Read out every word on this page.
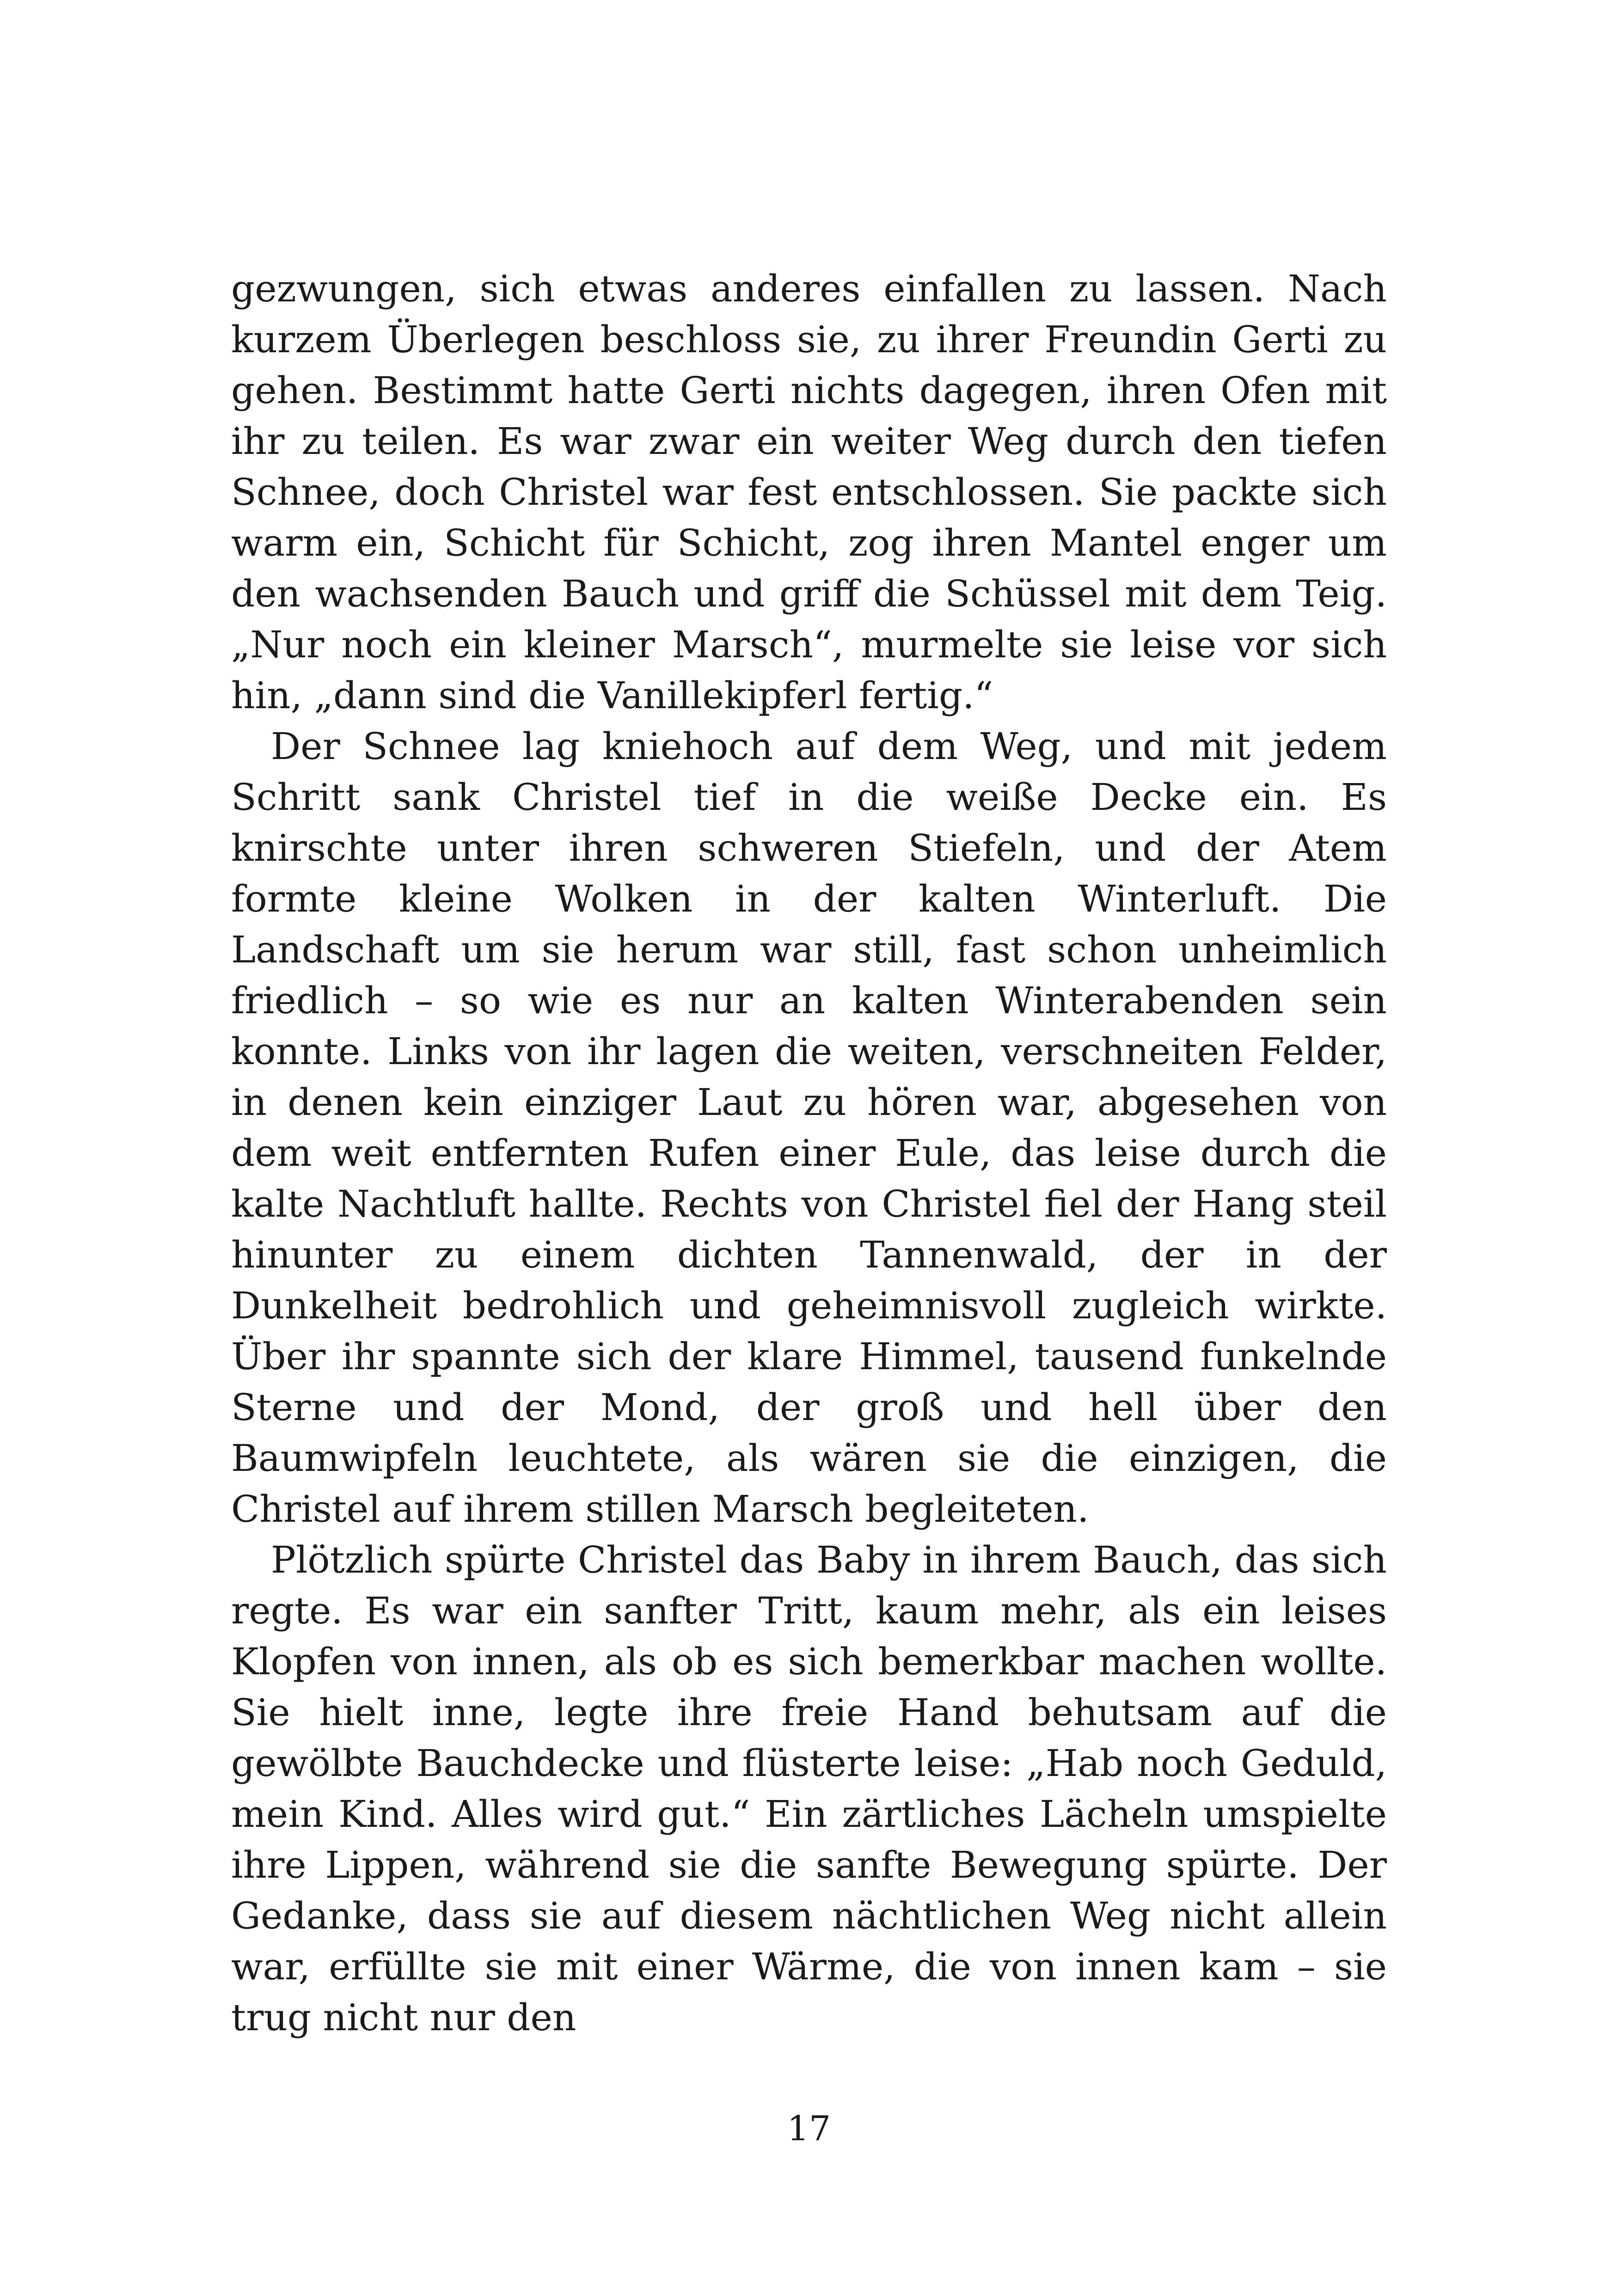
gezwungen, sich etwas anderes einfallen zu lassen. Nach kurzem Überlegen beschloss sie, zu ihrer Freundin Gerti zu gehen. Bestimmt hatte Gerti nichts dagegen, ihren Ofen mit ihr zu teilen. Es war zwar ein weiter Weg durch den tiefen Schnee, doch Christel war fest entschlossen. Sie packte sich warm ein, Schicht für Schicht, zog ihren Mantel enger um den wachsenden Bauch und griff die Schüssel mit dem Teig. „Nur noch ein kleiner Marsch“, murmelte sie leise vor sich hin, „dann sind die Vanillekipferl fertig.“

Der Schnee lag kniehoch auf dem Weg, und mit jedem Schritt sank Christel tief in die weiße Decke ein. Es knirschte unter ihren schweren Stiefeln, und der Atem formte kleine Wolken in der kalten Winterluft. Die Landschaft um sie herum war still, fast schon unheimlich friedlich – so wie es nur an kalten Winterabenden sein konnte. Links von ihr lagen die weiten, verschneiten Felder, in denen kein einziger Laut zu hören war, abgesehen von dem weit entfernten Rufen einer Eule, das leise durch die kalte Nachtluft hallte. Rechts von Christel fiel der Hang steil hinunter zu einem dichten Tannenwald, der in der Dunkelheit bedrohlich und geheimnisvoll zugleich wirkte. Über ihr spannte sich der klare Himmel, tausend funkelnde Sterne und der Mond, der groß und hell über den Baumwipfeln leuchtete, als wären sie die einzigen, die Christel auf ihrem stillen Marsch begleiteten.

Plötzlich spürte Christel das Baby in ihrem Bauch, das sich regte. Es war ein sanfter Tritt, kaum mehr, als ein leises Klopfen von innen, als ob es sich bemerkbar machen wollte. Sie hielt inne, legte ihre freie Hand behutsam auf die gewölbte Bauchdecke und flüsterte leise: „Hab noch Geduld, mein Kind. Alles wird gut.“ Ein zärtliches Lächeln umspielte ihre Lippen, während sie die sanfte Bewegung spürte. Der Gedanke, dass sie auf diesem nächtlichen Weg nicht allein war, erfüllte sie mit einer Wärme, die von innen kam – sie trug nicht nur den

17
